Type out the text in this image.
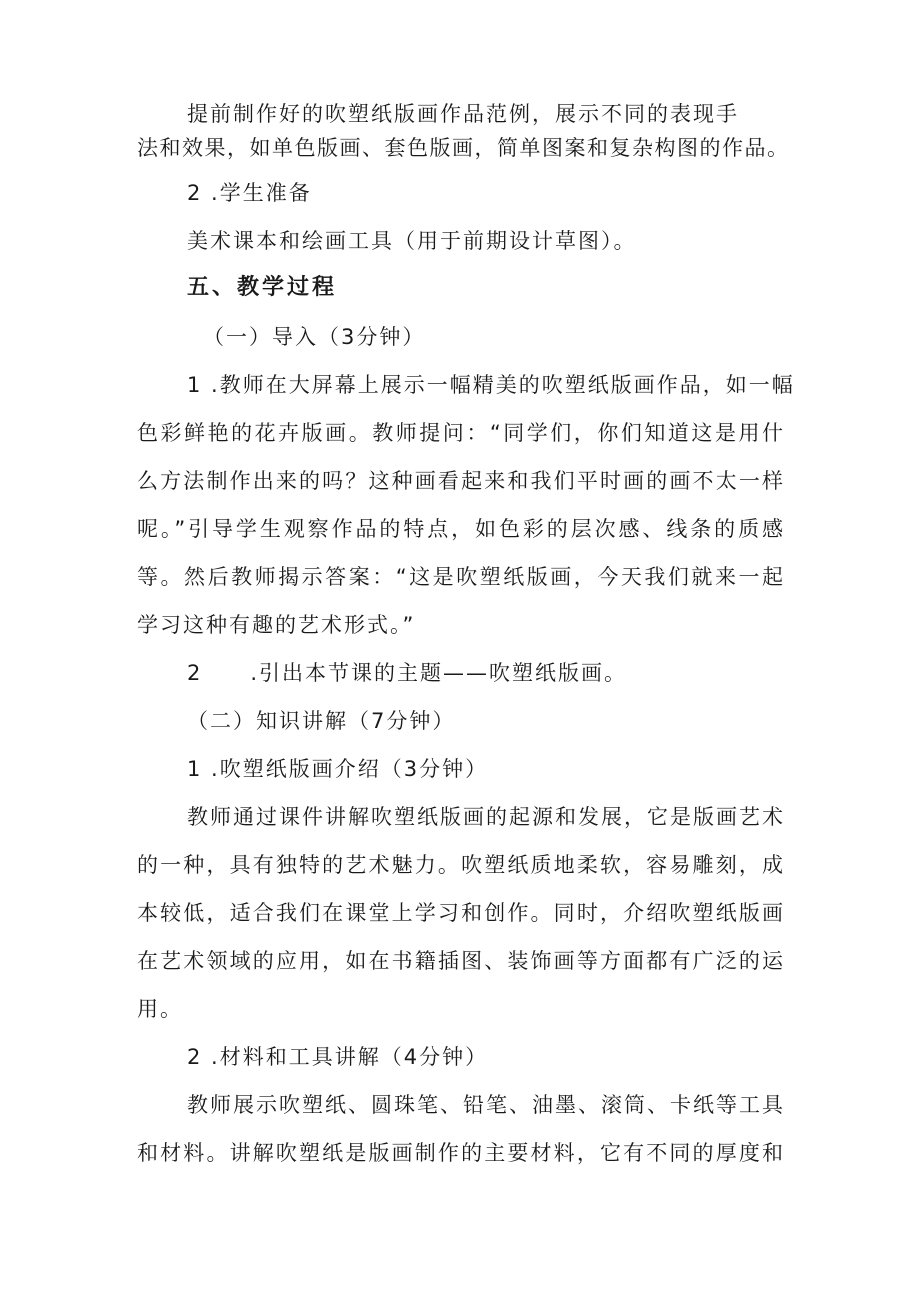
提前制作好的吹塑纸版画作品范例，展示不同的表现手
法和效果，如单色版画、套色版画，简单图案和复杂构图的作品。
2 .学生准备
美术课本和绘画工具（用于前期设计草图）。
五、教学过程
（一）导入（3分钟）
1 .教师在大屏幕上展示一幅精美的吹塑纸版画作品，如一幅
色彩鲜艳的花卉版画。教师提问：“同学们，你们知道这是用什
么方法制作出来的吗？这种画看起来和我们平时画的画不太一样
呢。”引导学生观察作品的特点，如色彩的层次感、线条的质感
等。然后教师揭示答案：“这是吹塑纸版画，今天我们就来一起
学习这种有趣的艺术形式。”
2 .引出本节课的主题——吹塑纸版画。
（二）知识讲解（7分钟）
1 .吹塑纸版画介绍（3分钟）
教师通过课件讲解吹塑纸版画的起源和发展，它是版画艺术
的一种，具有独特的艺术魅力。吹塑纸质地柔软，容易雕刻，成
本较低，适合我们在课堂上学习和创作。同时，介绍吹塑纸版画
在艺术领域的应用，如在书籍插图、装饰画等方面都有广泛的运
用。
2 .材料和工具讲解（4分钟）
教师展示吹塑纸、圆珠笔、铅笔、油墨、滚筒、卡纸等工具
和材料。讲解吹塑纸是版画制作的主要材料，它有不同的厚度和
